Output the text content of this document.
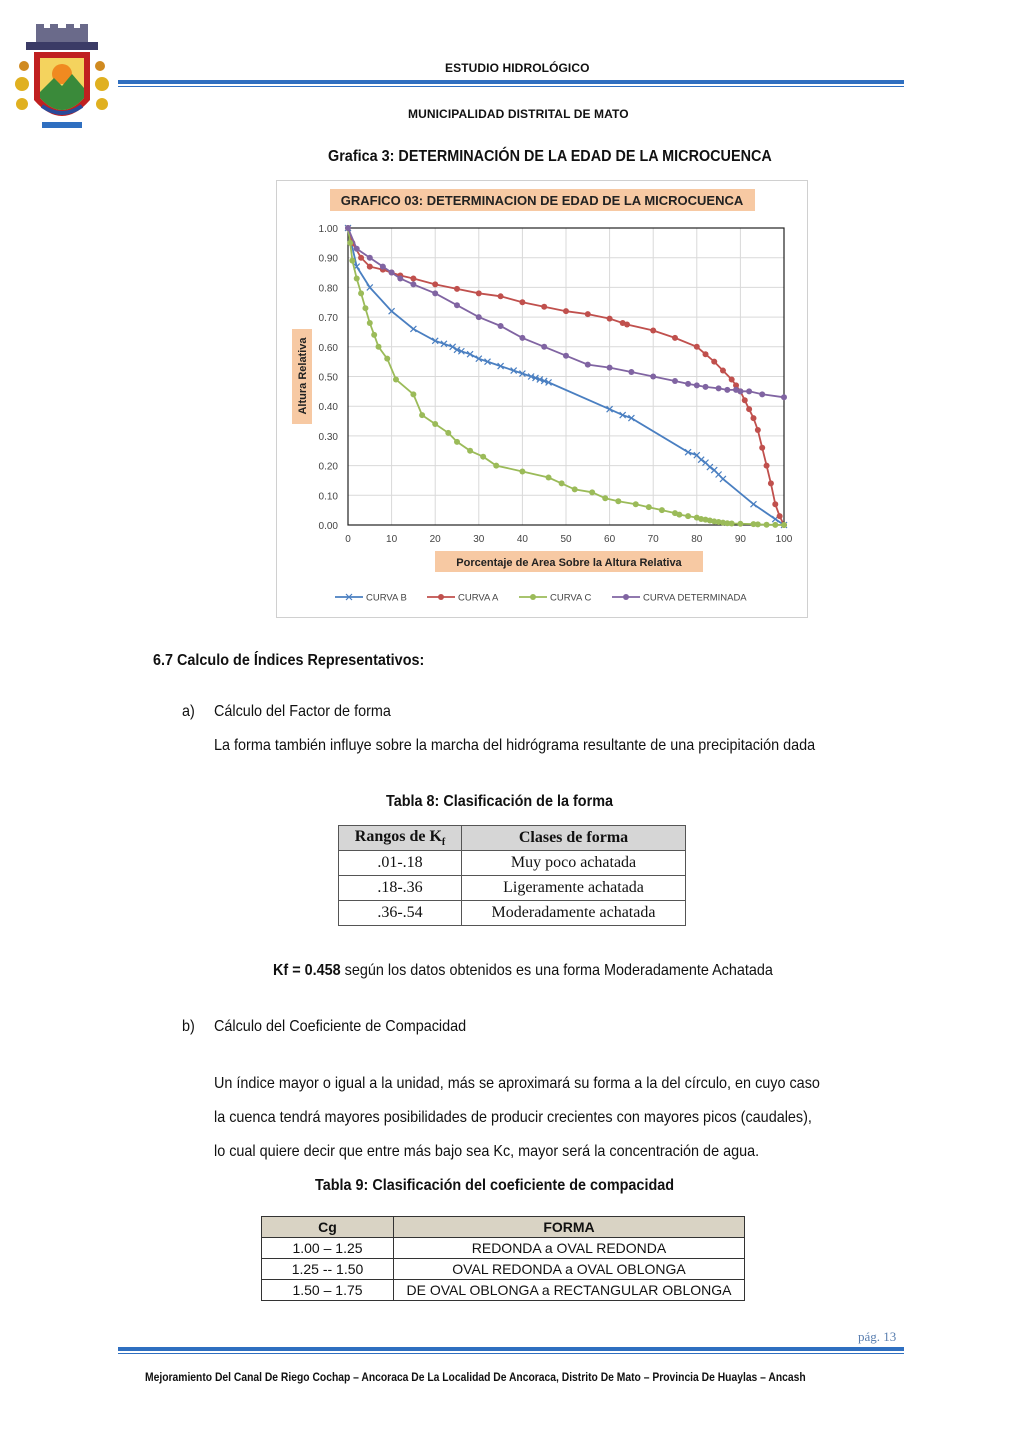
ESTUDIO HIDROLÓGICO
MUNICIPALIDAD DISTRITAL DE MATO
Grafica 3: DETERMINACIÓN DE LA EDAD DE LA MICROCUENCA
GRAFICO 03: DETERMINACION DE EDAD DE LA MICROCUENCA
0.00
0.10
0.20
0.30
0.40
0.50
0.60
0.70
0.80
0.90
1.00
0	10	20	30	40	50	60	70	80	90	100
Altura Relativa
Porcentaje de Area Sobre la Altura Relativa
CURVA B	CURVA A	CURVA C	CURVA DETERMINADA
6.7 Calculo de Índices Representativos:
a) Cálculo del Factor de forma
La forma también influye sobre la marcha del hidrógrama resultante de una precipitación dada
Tabla 8: Clasificación de la forma
Rangos de $K_f$	Clases de forma
.01-.18	Muy poco achatada
.18-.36	Ligeramente achatada
.36-.54	Moderadamente achatada
Kf = 0.458 según los datos obtenidos es una forma Moderadamente Achatada
b) Cálculo del Coeficiente de Compacidad
Un índice mayor o igual a la unidad, más se aproximará su forma a la del círculo, en cuyo caso
la cuenca tendrá mayores posibilidades de producir crecientes con mayores picos (caudales),
lo cual quiere decir que entre más bajo sea Kc, mayor será la concentración de agua.
Tabla 9: Clasificación del coeficiente de compacidad
Cg	FORMA
1.00 – 1.25	REDONDA a OVAL REDONDA
1.25 -- 1.50	OVAL REDONDA a OVAL OBLONGA
1.50 – 1.75	DE OVAL OBLONGA a RECTANGULAR OBLONGA
pág. 13
Mejoramiento Del Canal De Riego Cochap – Ancoraca De La Localidad De Ancoraca, Distrito De Mato – Provincia De Huaylas – Ancash
